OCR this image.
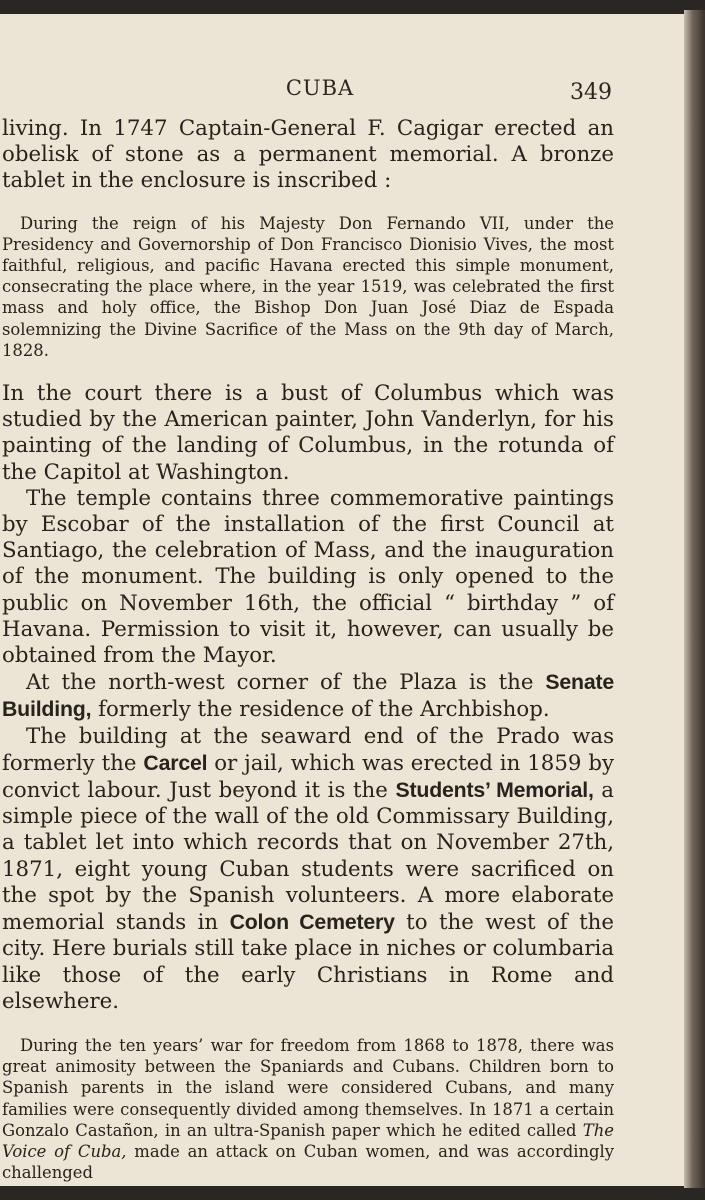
CUBA	349

living. In 1747 Captain-General F. Cagigar erected an obelisk of stone as a permanent memorial. A bronze tablet in the enclosure is inscribed :

During the reign of his Majesty Don Fernando VII, under the Presidency and Governorship of Don Francisco Dionisio Vives, the most faithful, religious, and pacific Havana erected this simple monument, consecrating the place where, in the year 1519, was celebrated the first mass and holy office, the Bishop Don Juan José Diaz de Espada solemnizing the Divine Sacrifice of the Mass on the 9th day of March, 1828.

In the court there is a bust of Columbus which was studied by the American painter, John Vanderlyn, for his painting of the landing of Columbus, in the rotunda of the Capitol at Washington.

The temple contains three commemorative paintings by Escobar of the installation of the first Council at Santiago, the celebration of Mass, and the inauguration of the monument. The building is only opened to the public on November 16th, the official “ birthday ” of Havana. Permission to visit it, however, can usually be obtained from the Mayor.

At the north-west corner of the Plaza is the Senate Building, formerly the residence of the Archbishop.

The building at the seaward end of the Prado was formerly the Carcel or jail, which was erected in 1859 by convict labour. Just beyond it is the Students’ Memorial, a simple piece of the wall of the old Commissary Building, a tablet let into which records that on November 27th, 1871, eight young Cuban students were sacrificed on the spot by the Spanish volunteers. A more elaborate memorial stands in Colon Cemetery to the west of the city. Here burials still take place in niches or columbaria like those of the early Christians in Rome and elsewhere.

During the ten years’ war for freedom from 1868 to 1878, there was great animosity between the Spaniards and Cubans. Children born to Spanish parents in the island were considered Cubans, and many families were consequently divided among themselves. In 1871 a certain Gonzalo Castañon, in an ultra-Spanish paper which he edited called The Voice of Cuba, made an attack on Cuban women, and was accordingly challenged
